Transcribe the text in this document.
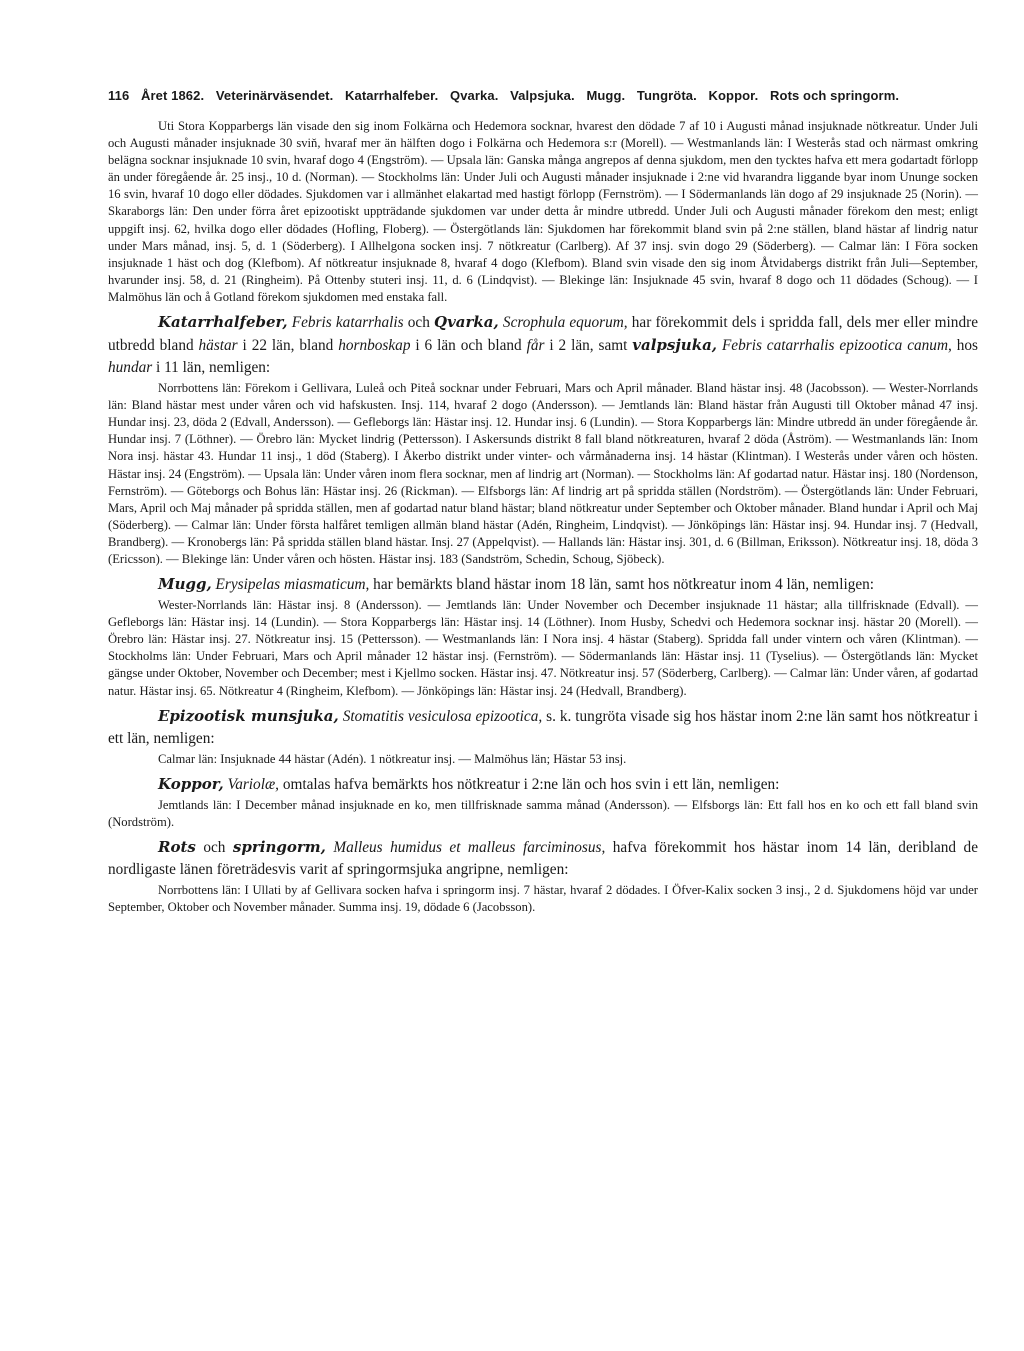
116 Året 1862. Veterinärväsendet. Katarrhalfeber. Qvarka. Valpsjuka. Mugg. Tungröta. Koppor. Rots och springorm.

Uti Stora Kopparbergs län visade den sig inom Folkärna och Hedemora socknar, hvarest den dödade 7 af 10 i Augusti månad insjuknade nötkreatur. Under Juli och Augusti månader insjuknade 30 sviň, hvaraf mer än hälften dogo i Folkärna och Hedemora s:r (Morell). — Westmanlands län: I Westerås stad och närmast omkring belägna socknar insjuknade 10 svin, hvaraf dogo 4 (Engström). — Upsala län: Ganska många angrepos af denna sjukdom, men den tycktes hafva ett mera godartadt förlopp än under föregående år. 25 insj., 10 d. (Norman). — Stockholms län: Under Juli och Augusti månader insjuknade i 2:ne vid hvarandra liggande byar inom Ununge socken 16 svin, hvaraf 10 dogo eller dödades. Sjukdomen var i allmänhet elakartad med hastigt förlopp (Fernström). — I Södermanlands län dogo af 29 insjuknade 25 (Norin). — Skaraborgs län: Den under förra året epizootiskt uppträdande sjukdomen var under detta år mindre utbredd. Under Juli och Augusti månader förekom den mest; enligt uppgift insj. 62, hvilka dogo eller dödades (Hofling, Floberg). — Östergötlands län: Sjukdomen har förekommit bland svin på 2:ne ställen, bland hästar af lindrig natur under Mars månad, insj. 5, d. 1 (Söderberg). I Allhelgona socken insj. 7 nötkreatur (Carlberg). Af 37 insj. svin dogo 29 (Söderberg). — Calmar län: I Föra socken insjuknade 1 häst och dog (Klefbom). Af nötkreatur insjuknade 8, hvaraf 4 dogo (Klefbom). Bland svin visade den sig inom Åtvidabergs distrikt från Juli—September, hvarunder insj. 58, d. 21 (Ringheim). På Ottenby stuteri insj. 11, d. 6 (Lindqvist). — Blekinge län: Insjuknade 45 svin, hvaraf 8 dogo och 11 dödades (Schoug). — I Malmöhus län och å Gotland förekom sjukdomen med enstaka fall.

Katarrhalfeber, Febris katarrhalis och Qvarka, Scrophula equorum, har förekommit dels i spridda fall, dels mer eller mindre utbredd bland hästar i 22 län, bland hornboskap i 6 län och bland får i 2 län, samt valpsjuka, Febris catarrhalis epizootica canum, hos hundar i 11 län, nemligen:

Norrbottens län: Förekom i Gellivara, Luleå och Piteå socknar under Februari, Mars och April månader. Bland hästar insj. 48 (Jacobsson). — Wester-Norrlands län: Bland hästar mest under våren och vid hafskusten. Insj. 114, hvaraf 2 dogo (Andersson). — Jemtlands län: Bland hästar från Augusti till Oktober månad 47 insj. Hundar insj. 23, döda 2 (Edvall, Andersson). — Gefleborgs län: Hästar insj. 12. Hundar insj. 6 (Lundin). — Stora Kopparbergs län: Mindre utbredd än under föregående år. Hundar insj. 7 (Löthner). — Örebro län: Mycket lindrig (Pettersson). I Askersunds distrikt 8 fall bland nötkreaturen, hvaraf 2 döda (Åström). — Westmanlands län: Inom Nora insj. hästar 43. Hundar 11 insj., 1 död (Staberg). I Åkerbo distrikt under vinter- och vårmånaderna insj. 14 hästar (Klintman). I Westerås under våren och hösten. Hästar insj. 24 (Engström). — Upsala län: Under våren inom flera socknar, men af lindrig art (Norman). — Stockholms län: Af godartad natur. Hästar insj. 180 (Nordenson, Fernström). — Göteborgs och Bohus län: Hästar insj. 26 (Rickman). — Elfsborgs län: Af lindrig art på spridda ställen (Nordström). — Östergötlands län: Under Februari, Mars, April och Maj månader på spridda ställen, men af godartad natur bland hästar; bland nötkreatur under September och Oktober månader. Bland hundar i April och Maj (Söderberg). — Calmar län: Under första halfåret temligen allmän bland hästar (Adén, Ringheim, Lindqvist). — Jönköpings län: Hästar insj. 94. Hundar insj. 7 (Hedvall, Brandberg). — Kronobergs län: På spridda ställen bland hästar. Insj. 27 (Appelqvist). — Hallands län: Hästar insj. 301, d. 6 (Billman, Eriksson). Nötkreatur insj. 18, döda 3 (Ericsson). — Blekinge län: Under våren och hösten. Hästar insj. 183 (Sandström, Schedin, Schoug, Sjöbeck).

Mugg, Erysipelas miasmaticum, har bemärkts bland hästar inom 18 län, samt hos nötkreatur inom 4 län, nemligen:

Wester-Norrlands län: Hästar insj. 8 (Andersson). — Jemtlands län: Under November och December insjuknade 11 hästar; alla tillfrisknade (Edvall). — Gefleborgs län: Hästar insj. 14 (Lundin). — Stora Kopparbergs län: Hästar insj. 14 (Löthner). Inom Husby, Schedvi och Hedemora socknar insj. hästar 20 (Morell). — Örebro län: Hästar insj. 27. Nötkreatur insj. 15 (Pettersson). — Westmanlands län: I Nora insj. 4 hästar (Staberg). Spridda fall under vintern och våren (Klintman). — Stockholms län: Under Februari, Mars och April månader 12 hästar insj. (Fernström). — Södermanlands län: Hästar insj. 11 (Tyselius). — Östergötlands län: Mycket gängse under Oktober, November och December; mest i Kjellmo socken. Hästar insj. 47. Nötkreatur insj. 57 (Söderberg, Carlberg). — Calmar län: Under våren, af godartad natur. Hästar insj. 65. Nötkreatur 4 (Ringheim, Klefbom). — Jönköpings län: Hästar insj. 24 (Hedvall, Brandberg).

Epizootisk munsjuka, Stomatitis vesiculosa epizootica, s. k. tungröta visade sig hos hästar inom 2:ne län samt hos nötkreatur i ett län, nemligen:

Calmar län: Insjuknade 44 hästar (Adén). 1 nötkreatur insj. — Malmöhus län; Hästar 53 insj.

Koppor, Variolæ, omtalas hafva bemärkts hos nötkreatur i 2:ne län och hos svin i ett län, nemligen:

Jemtlands län: I December månad insjuknade en ko, men tillfrisknade samma månad (Andersson). — Elfsborgs län: Ett fall hos en ko och ett fall bland svin (Nordström).

Rots och springorm, Malleus humidus et malleus farciminosus, hafva förekommit hos hästar inom 14 län, deribland de nordligaste länen företrädesvis varit af springormsjuka angripne, nemligen:

Norrbottens län: I Ullati by af Gellivara socken hafva i springorm insj. 7 hästar, hvaraf 2 dödades. I Öfver-Kalix socken 3 insj., 2 d. Sjukdomens höjd var under September, Oktober och November månader. Summa insj. 19, dödade 6 (Jacobsson).
